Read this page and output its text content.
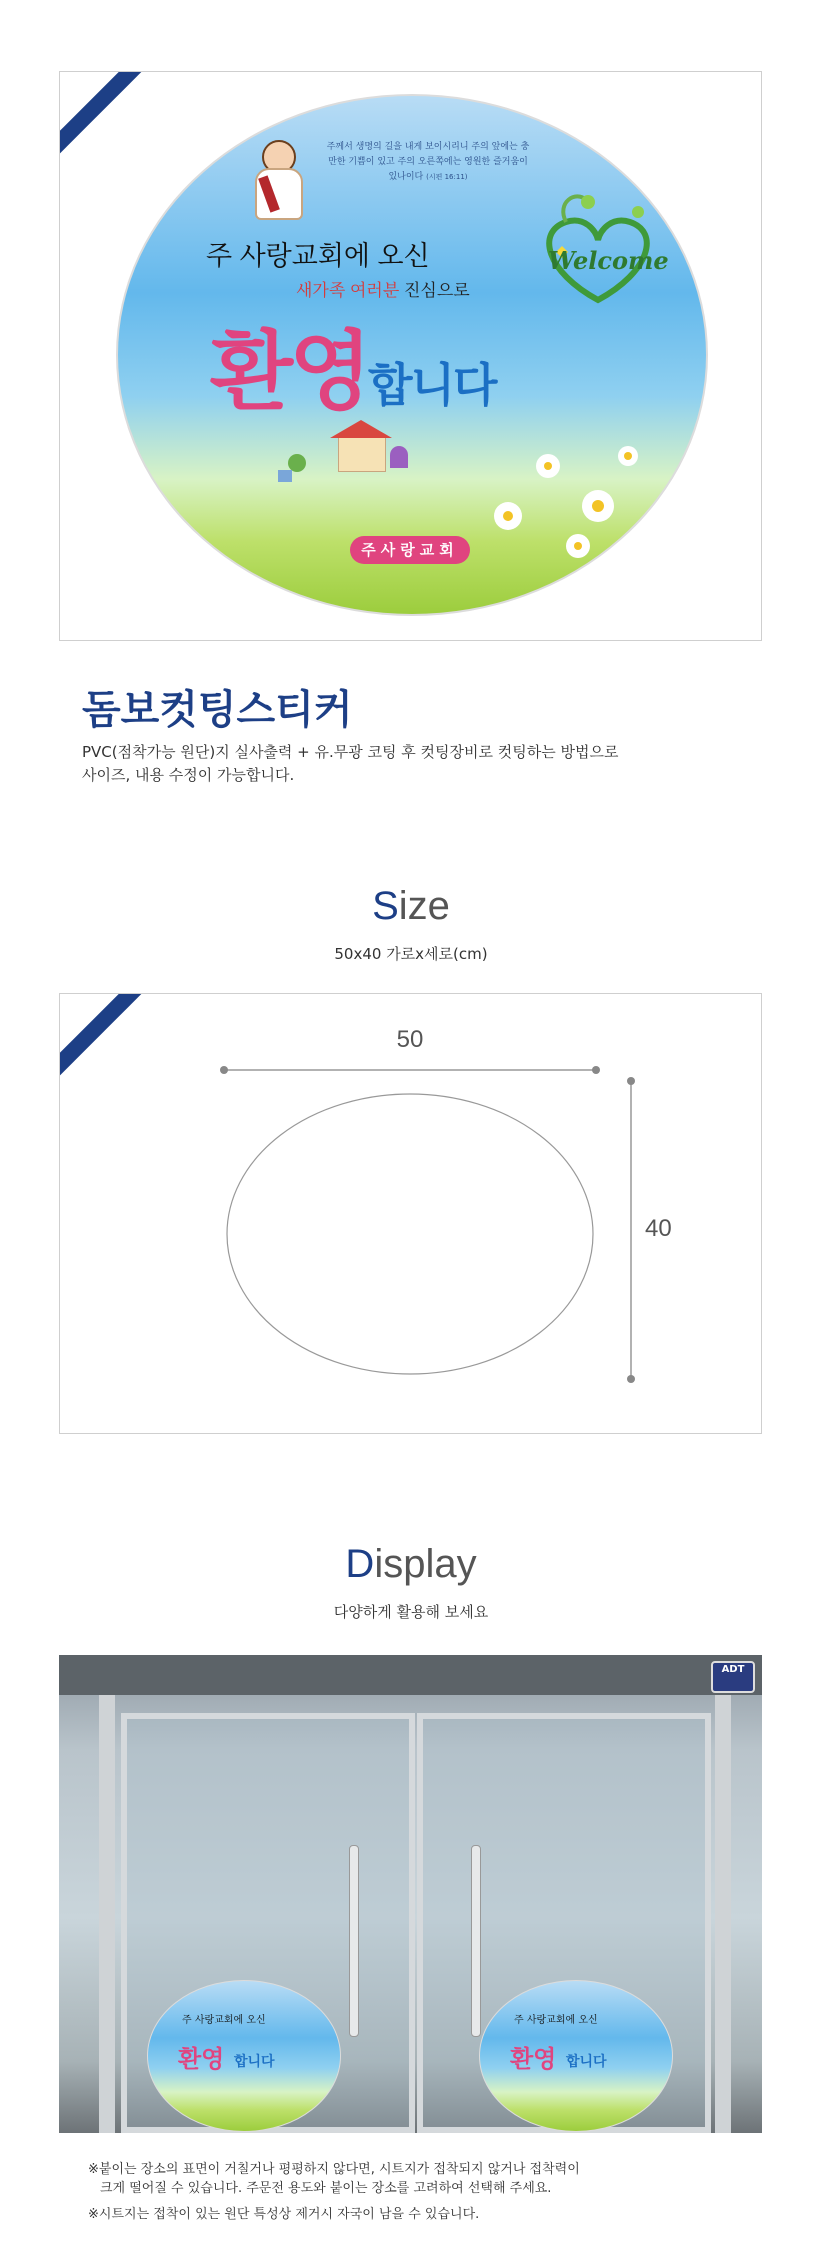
주께서 생명의 길을 내게 보이시리니 주의 앞에는 충만한 기쁨이 있고 주의 오른쪽에는 영원한 즐거움이 있나이다 (시편 16:11)
주 사랑교회에 오신
새가족 여러분 진심으로
Welcome
환영합니다
주사랑교회
돔보컷팅스티커
PVC(점착가능 원단)지 실사출력 + 유.무광 코팅 후 컷팅장비로 컷팅하는 방법으로
사이즈, 내용 수정이 가능합니다.
Size
50x40 가로x세로(cm)
50
40
Display
다양하게 활용해 보세요
ADT
주 사랑교회에 오신
환영 합니다
주 사랑교회에 오신
환영 합니다
※붙이는 장소의 표면이 거칠거나 평평하지 않다면, 시트지가 접착되지 않거나 접착력이
크게 떨어질 수 있습니다. 주문전 용도와 붙이는 장소를 고려하여 선택해 주세요.
※시트지는 접착이 있는 원단 특성상 제거시 자국이 남을 수 있습니다.
